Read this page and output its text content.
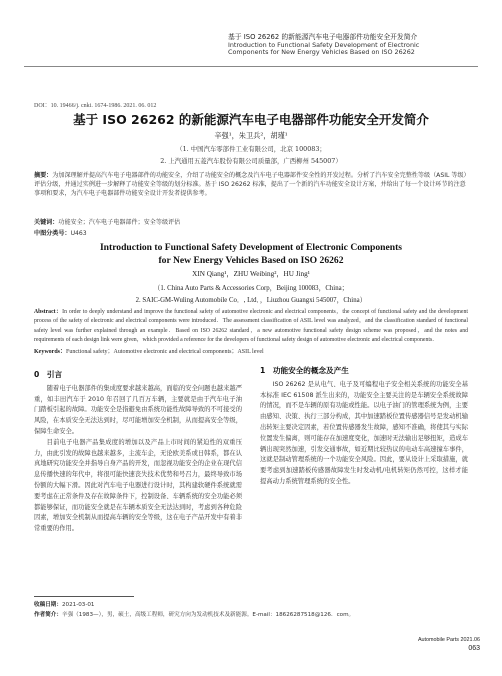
基于 ISO 26262 的新能源汽车电子电器部件功能安全开发简介
Introduction to Functional Safety Development of Electronic
Components for New Energy Vehicles Based on ISO 26262
DOI：10. 19466/j. cnki. 1674-1986. 2021. 06. 012
基于 ISO 26262 的新能源汽车电子电器部件功能安全开发简介
辛强¹，朱卫兵²，胡瑾¹
（1. 中国汽车零部件工业有限公司，北京 100083；
2. 上汽通用五菱汽车股份有限公司质量部，广西柳州 545007）
摘要：为加深理解并提高汽车电子电器部件的功能安全，介绍了功能安全的概念及汽车电子电器部件安全性的开发过程。分析了汽车安全完整性等级（ASIL 等级）评估分级，并通过实例进一步解释了功能安全等级的划分标准。基于 ISO 26262 标准，提出了一个新的汽车功能安全设计方案，并给出了每一个设计环节的注意事项和要求，为汽车电子电器部件功能安全设计开发者提供参考。
关键词：功能安全；汽车电子电器部件；安全等级评估
中图分类号：U463
Introduction to Functional Safety Development of Electronic Components
for New Energy Vehicles Based on ISO 26262
XIN Qiang¹，ZHU Weibing²，HU Jing¹
（1. China Auto Parts & Accessories Corp，Beijing 100083，China；
2. SAIC-GM-Wuling Automobile Co．, Ltd．，Liuzhou Guangxi 545007，China）
Abstract：In order to deeply understand and improve the functional safety of automotive electronic and electrical components，the concept of functional safety and the development process of the safety of electronic and electrical components were introduced．The assessment classification of ASIL level was analyzed，and the classification standard of functional safety level was further explained through an example．Based on ISO 26262 standard，a new automotive functional safety design scheme was proposed，and the notes and requirements of each design link were given，which provided a reference for the developers of functional safety design of automotive electronic and electrical components．
Keywords：Functional safety；Automotive electronic and electrical components；ASIL level
0　引言

随着电子电器部件的集成度要求越来越高，面临的安全问题也越来越严重，如丰田汽车于 2010 年召回了几百万车辆，主要就是由于汽车电子油门踏板引起的故障。功能安全是指避免由系统功能性故障导致的不可接受的风险，在本质安全无法达到时，尽可能增加安全机制，从而提高安全等级，保障生命安全。

目前电子电器产品集成度的增加以及产品上市时间的紧迫性的双重压力，由此引发的故障也越来越多，主流车企，无论欧美系或日韩系，都在认真地研究功能安全并指导自身产品的开发，而忽视功能安全的企业在现代信息传播快速的年代中，将很可能快速丧失技术优势和号召力，最终导致市场份额的大幅下滑。因此对汽车电子电器进行设计时，其构建软硬件系统就需要考虑在正常条件及存在故障条件下，控制设备、车辆系统的安全功能必须都能够保证，而功能安全就是在车辆本质安全无法达到时，考虑到各种危险因素，增加安全机制从而提高车辆的安全等级，这在电子产品开发中有着非常重要的作用。

1　功能安全的概念及产生

ISO 26262 是从电气、电子及可编程电子安全相关系统的功能安全基本标准 IEC 61508 派生出来的，功能安全主要关注的是车辆安全系统故障的情况，而不是车辆的原有功能或性能。以电子油门的管理系统为例，主要由感知、决策、执行三部分构成，其中加速踏板位置传感器信号是发动机输出转矩主要决定因素，若位置传感器发生故障，感知不准确，将使其与实际位置发生偏离，则可能存在加速度变化，加速时无法输出足够扭矩，造成车辆出现突然加速，引发交通事故，如近期比较热议的电动车高速撞车事件，这就是制动管理系统的一个功能安全风险。因此，要从设计上采取措施，就要考虑到加速踏板传感器故障发生时发动机/电机转矩仍然可控，这样才能提高动力系统管理系统的安全性。

收稿日期：2021-03-01
作者简介：辛强（1983—），男，硕士，高级工程师，研究方向为发动机技术及新能源。E-mail：18626287518@126．com。
Automobile Parts 2021.06
063
